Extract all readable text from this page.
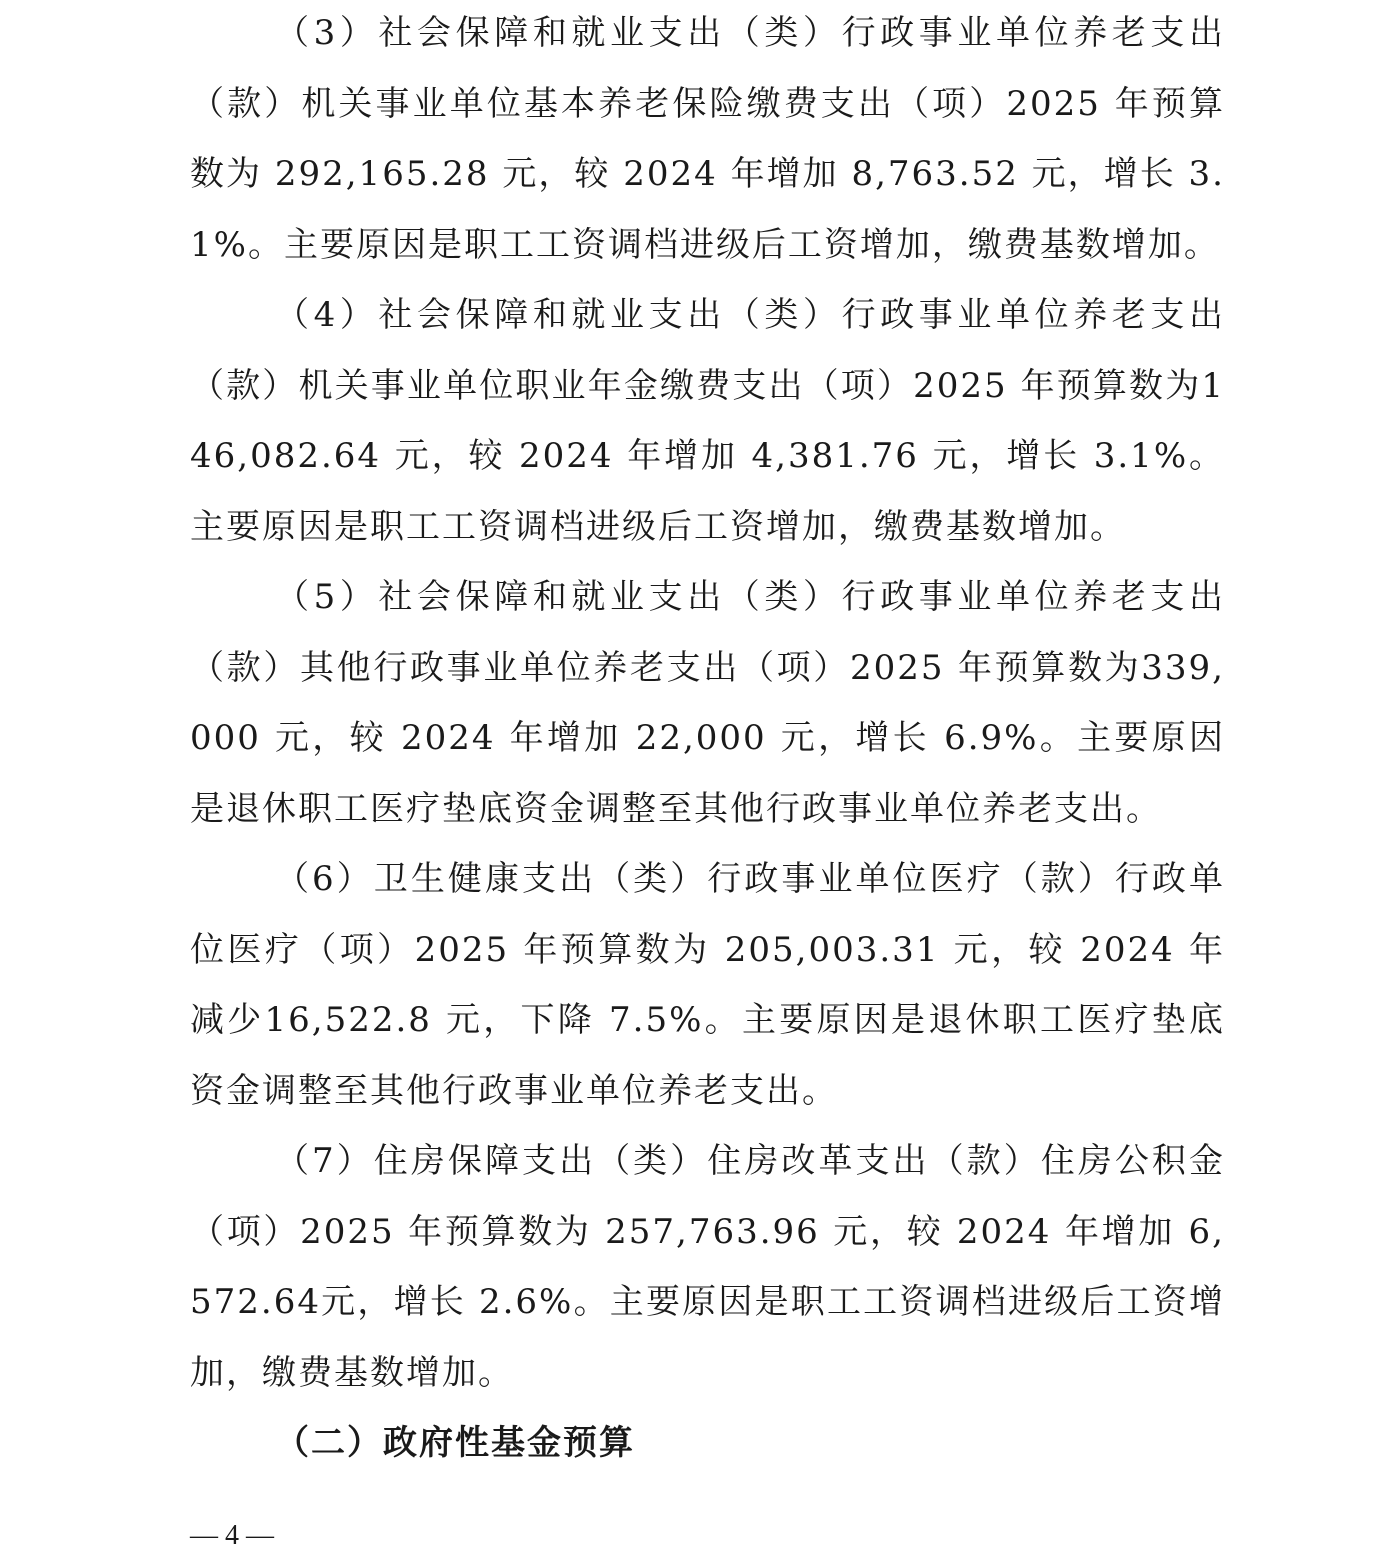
（3）社会保障和就业支出（类）行政事业单位养老支出（款）机关事业单位基本养老保险缴费支出（项）2025 年预算数为 292,165.28 元，较 2024 年增加 8,763.52 元，增长 3.1%。主要原因是职工工资调档进级后工资增加，缴费基数增加。

（4）社会保障和就业支出（类）行政事业单位养老支出（款）机关事业单位职业年金缴费支出（项）2025 年预算数为146,082.64 元，较 2024 年增加 4,381.76 元，增长 3.1%。主要原因是职工工资调档进级后工资增加，缴费基数增加。

（5）社会保障和就业支出（类）行政事业单位养老支出（款）其他行政事业单位养老支出（项）2025 年预算数为339,000 元，较 2024 年增加 22,000 元，增长 6.9%。主要原因是退休职工医疗垫底资金调整至其他行政事业单位养老支出。

（6）卫生健康支出（类）行政事业单位医疗（款）行政单位医疗（项）2025 年预算数为 205,003.31 元，较 2024 年减少16,522.8 元，下降 7.5%。主要原因是退休职工医疗垫底资金调整至其他行政事业单位养老支出。

（7）住房保障支出（类）住房改革支出（款）住房公积金（项）2025 年预算数为 257,763.96 元，较 2024 年增加 6,572.64元，增长 2.6%。主要原因是职工工资调档进级后工资增加，缴费基数增加。

（二）政府性基金预算

— 4 —
